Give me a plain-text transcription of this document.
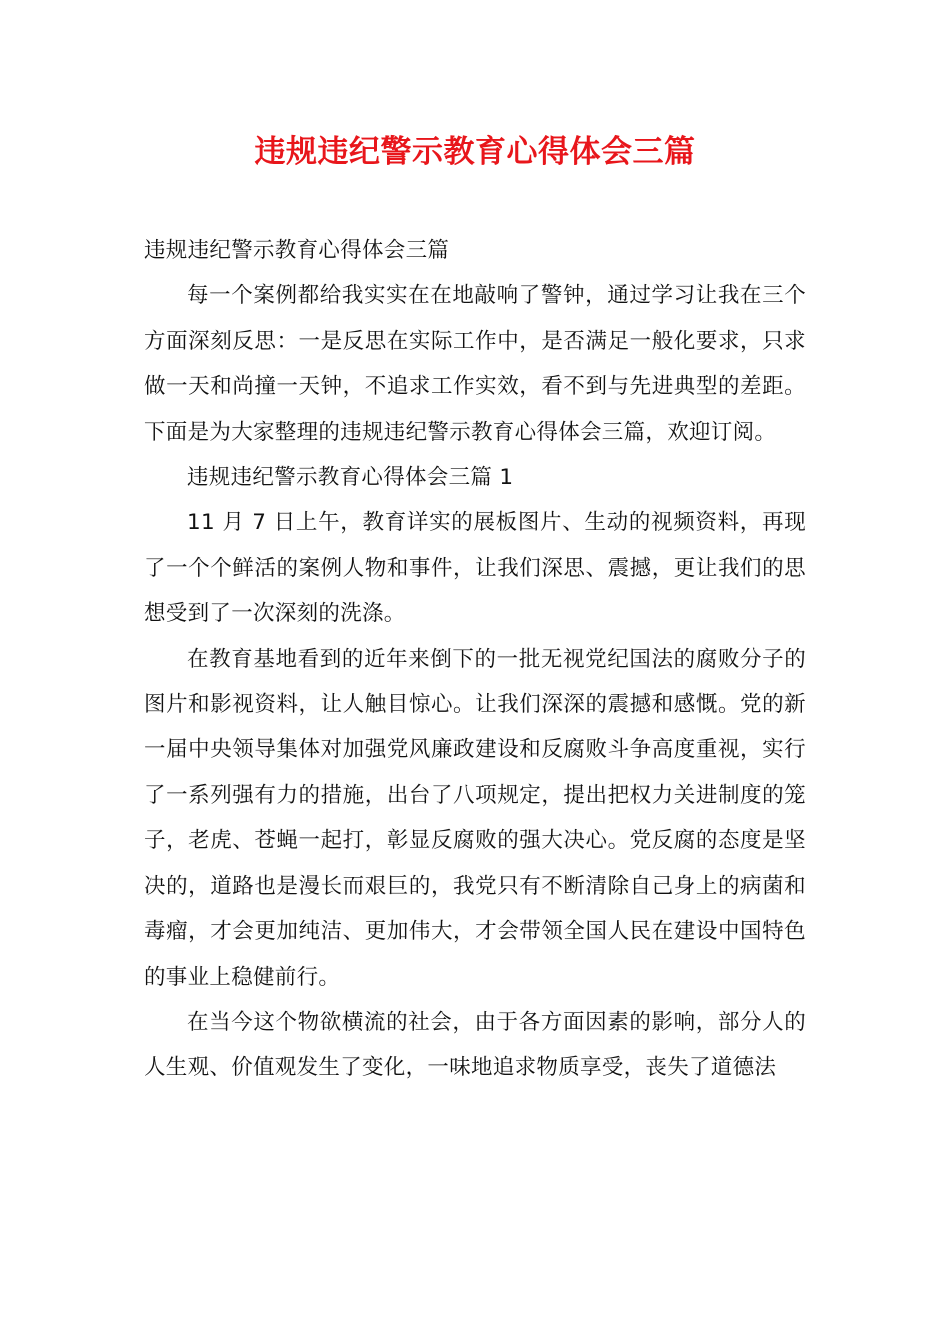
违规违纪警示教育心得体会三篇

违规违纪警示教育心得体会三篇

每一个案例都给我实实在在地敲响了警钟，通过学习让我在三个方面深刻反思：一是反思在实际工作中，是否满足一般化要求，只求做一天和尚撞一天钟，不追求工作实效，看不到与先进典型的差距。下面是为大家整理的违规违纪警示教育心得体会三篇，欢迎订阅。

违规违纪警示教育心得体会三篇 1

11 月 7 日上午，教育详实的展板图片、生动的视频资料，再现了一个个鲜活的案例人物和事件，让我们深思、震撼，更让我们的思想受到了一次深刻的洗涤。

在教育基地看到的近年来倒下的一批无视党纪国法的腐败分子的图片和影视资料，让人触目惊心。让我们深深的震撼和感慨。党的新一届中央领导集体对加强党风廉政建设和反腐败斗争高度重视，实行了一系列强有力的措施，出台了八项规定，提出把权力关进制度的笼子，老虎、苍蝇一起打，彰显反腐败的强大决心。党反腐的态度是坚决的，道路也是漫长而艰巨的，我党只有不断清除自己身上的病菌和毒瘤，才会更加纯洁、更加伟大，才会带领全国人民在建设中国特色的事业上稳健前行。

在当今这个物欲横流的社会，由于各方面因素的影响，部分人的人生观、价值观发生了变化，一味地追求物质享受，丧失了道德法
